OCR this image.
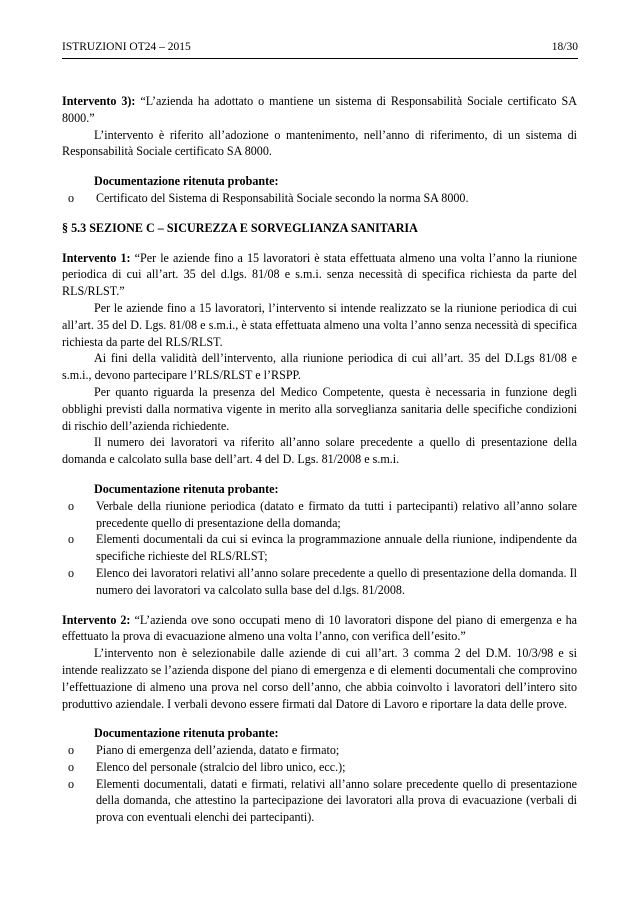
ISTRUZIONI OT24 – 2015	18/30

Intervento 3): “L’azienda ha adottato o mantiene un sistema di Responsabilità Sociale certificato SA 8000.”

L’intervento è riferito all’adozione o mantenimento, nell’anno di riferimento, di un sistema di Responsabilità Sociale certificato SA 8000.

Documentazione ritenuta probante:

o Certificato del Sistema di Responsabilità Sociale secondo la norma SA 8000.

§ 5.3 SEZIONE C – SICUREZZA E SORVEGLIANZA SANITARIA

Intervento 1: “Per le aziende fino a 15 lavoratori è stata effettuata almeno una volta l’anno la riunione periodica di cui all’art. 35 del d.lgs. 81/08 e s.m.i. senza necessità di specifica richiesta da parte del RLS/RLST.”

Per le aziende fino a 15 lavoratori, l’intervento si intende realizzato se la riunione periodica di cui all’art. 35 del D. Lgs. 81/08 e s.m.i., è stata effettuata almeno una volta l’anno senza necessità di specifica richiesta da parte del RLS/RLST.

Ai fini della validità dell’intervento, alla riunione periodica di cui all’art. 35 del D.Lgs 81/08 e s.m.i., devono partecipare l’RLS/RLST e l’RSPP.

Per quanto riguarda la presenza del Medico Competente, questa è necessaria in funzione degli obblighi previsti dalla normativa vigente in merito alla sorveglianza sanitaria delle specifiche condizioni di rischio dell’azienda richiedente.

Il numero dei lavoratori va riferito all’anno solare precedente a quello di presentazione della domanda e calcolato sulla base dell’art. 4 del D. Lgs. 81/2008 e s.m.i.

Documentazione ritenuta probante:

o Verbale della riunione periodica (datato e firmato da tutti i partecipanti) relativo all’anno solare precedente quello di presentazione della domanda;
o Elementi documentali da cui si evinca la programmazione annuale della riunione, indipendente da specifiche richieste del RLS/RLST;
o Elenco dei lavoratori relativi all’anno solare precedente a quello di presentazione della domanda. Il numero dei lavoratori va calcolato sulla base del d.lgs. 81/2008.

Intervento 2: “L’azienda ove sono occupati meno di 10 lavoratori dispone del piano di emergenza e ha effettuato la prova di evacuazione almeno una volta l’anno, con verifica dell’esito.”

L’intervento non è selezionabile dalle aziende di cui all’art. 3 comma 2 del D.M. 10/3/98 e si intende realizzato se l’azienda dispone del piano di emergenza e di elementi documentali che comprovino l’effettuazione di almeno una prova nel corso dell’anno, che abbia coinvolto i lavoratori dell’intero sito produttivo aziendale. I verbali devono essere firmati dal Datore di Lavoro e riportare la data delle prove.

Documentazione ritenuta probante:

o Piano di emergenza dell’azienda, datato e firmato;
o Elenco del personale (stralcio del libro unico, ecc.);
o Elementi documentali, datati e firmati, relativi all’anno solare precedente quello di presentazione della domanda, che attestino la partecipazione dei lavoratori alla prova di evacuazione (verbali di prova con eventuali elenchi dei partecipanti).
